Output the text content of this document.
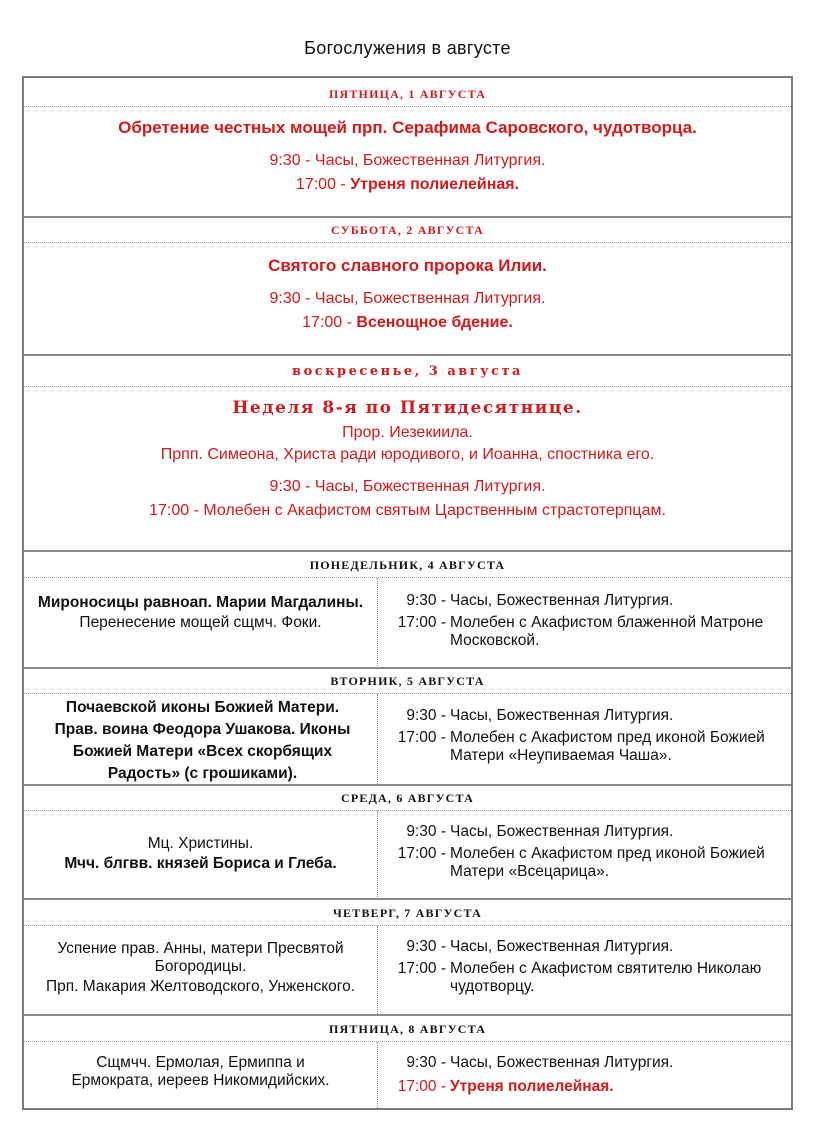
Богослужения в августе
ПЯТНИЦА, 1 АВГУСТА
Обретение честных мощей прп. Серафима Саровского, чудотворца.
9:30 - Часы, Божественная Литургия.
17:00 - Утреня полиелейная.
СУББОТА, 2 АВГУСТА
Святого славного пророка Илии.
9:30 - Часы, Божественная Литургия.
17:00 - Всенощное бдение.
воскресенье, 3 августа
Неделя 8-я по Пятидесятнице.
Прор. Иезекиила.
Прпп. Симеона, Христа ради юродивого, и Иоанна, спостника его.
9:30 - Часы, Божественная Литургия.
17:00 - Молебен с Акафистом святым Царственным страстотерпцам.
ПОНЕДЕЛЬНИК, 4 АВГУСТА
Мироносицы равноап. Марии Магдалины.
Перенесение мощей сщмч. Фоки.
9:30 - Часы, Божественная Литургия.
17:00 - Молебен с Акафистом блаженной Матроне Московской.
ВТОРНИК, 5 АВГУСТА
Почаевской иконы Божией Матери. Прав. воина Феодора Ушакова. Иконы Божией Матери «Всех скорбящих Радость» (с грошиками).
9:30 - Часы, Божественная Литургия.
17:00 - Молебен с Акафистом пред иконой Божией Матери «Неупиваемая Чаша».
СРЕДА, 6 АВГУСТА
Мц. Христины.
Мчч. блгвв. князей Бориса и Глеба.
9:30 - Часы, Божественная Литургия.
17:00 - Молебен с Акафистом пред иконой Божией Матери «Всецарица».
ЧЕТВЕРГ, 7 АВГУСТА
Успение прав. Анны, матери Пресвятой Богородицы.
Прп. Макария Желтоводского, Унженского.
9:30 - Часы, Божественная Литургия.
17:00 - Молебен с Акафистом святителю Николаю чудотворцу.
ПЯТНИЦА, 8 АВГУСТА
Сщмчч. Ермолая, Ермиппа и Ермократа, иереев Никомидийских.
9:30 - Часы, Божественная Литургия.
17:00 - Утреня полиелейная.
